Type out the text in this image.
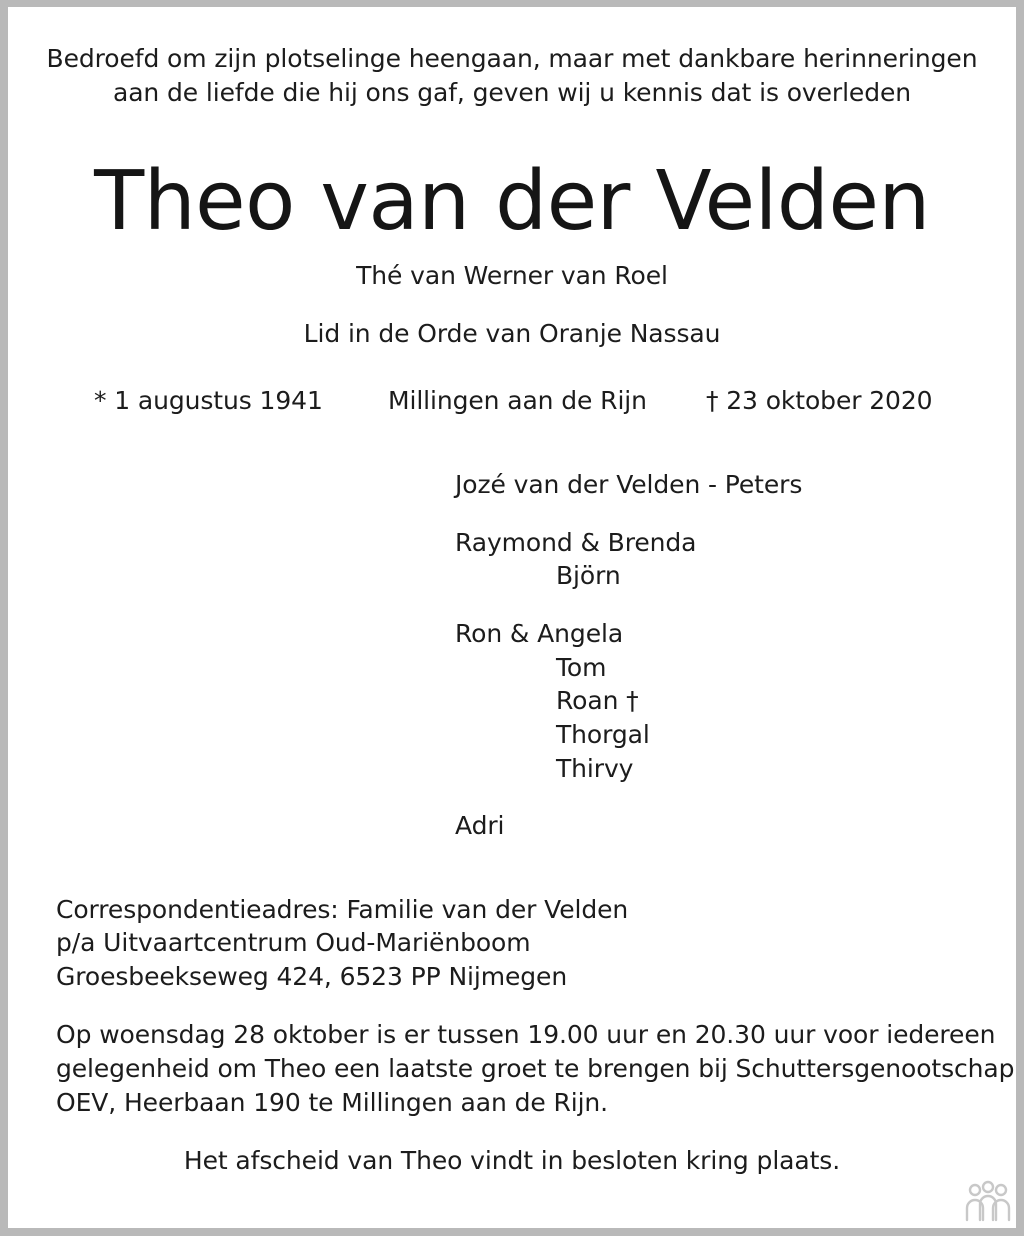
Bedroefd om zijn plotselinge heengaan, maar met dankbare herinneringen
aan de liefde die hij ons gaf, geven wij u kennis dat is overleden
Theo van der Velden
Thé van Werner van Roel
Lid in de Orde van Oranje Nassau
* 1 augustus 1941	Millingen aan de Rijn † 23 oktober 2020
Jozé van der Velden - Peters
Raymond & Brenda
Björn
Ron & Angela
Tom
Roan †
Thorgal
Thirvy
Adri
Correspondentieadres: Familie van der Velden
p/a Uitvaartcentrum Oud-Mariënboom
Groesbeekseweg 424, 6523 PP Nijmegen
Op woensdag 28 oktober is er tussen 19.00 uur en 20.30 uur voor iedereen
gelegenheid om Theo een laatste groet te brengen bij Schuttersgenootschap
OEV, Heerbaan 190 te Millingen aan de Rijn.
Het afscheid van Theo vindt in besloten kring plaats.
